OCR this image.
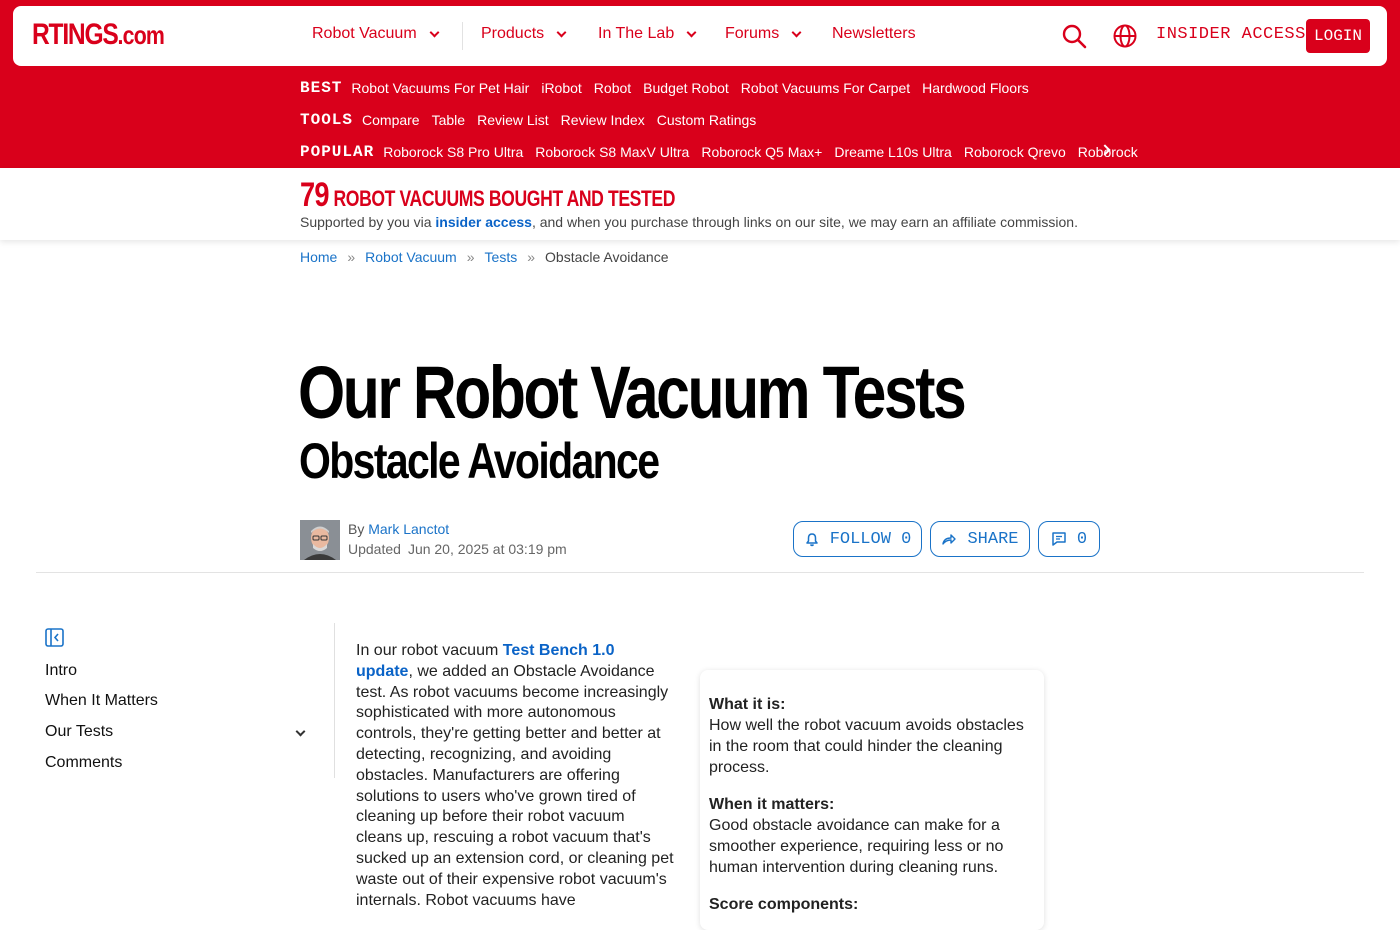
RTINGS.com	Robot Vacuum	Products	In The Lab	Forums	Newsletters	INSIDER ACCESS LOGIN
BEST Robot Vacuums For Pet Hair iRobot Robot Budget Robot Robot Vacuums For Carpet Hardwood Floors
TOOLS Compare Table Review List Review Index Custom Ratings
POPULAR Roborock S8 Pro Ultra Roborock S8 MaxV Ultra Roborock Q5 Max+ Dreame L10s Ultra Roborock Qrevo Roborock
79 ROBOT VACUUMS BOUGHT AND TESTED
Supported by you via insider access, and when you purchase through links on our site, we may earn an affiliate commission.
Home » Robot Vacuum » Tests » Obstacle Avoidance
Our Robot Vacuum Tests
Obstacle Avoidance
By Mark Lanctot
Updated Jun 20, 2025 at 03:19 pm
FOLLOW
0	SHARE	0
Intro
When It Matters
Our Tests
Comments
In our robot vacuum Test Bench 1.0 update, we added an Obstacle Avoidance test. As robot vacuums become increasingly sophisticated with more autonomous controls, they're getting better and better at detecting, recognizing, and avoiding obstacles. Manufacturers are offering solutions to users who've grown tired of cleaning up before their robot vacuum cleans up, rescuing a robot vacuum that's sucked up an extension cord, or cleaning pet waste out of their expensive robot vacuum's internals. Robot vacuums have
What it is:
How well the robot vacuum avoids obstacles in the room that could hinder the cleaning process.
When it matters:
Good obstacle avoidance can make for a smoother experience, requiring less or no human intervention during cleaning runs.
Score components:
